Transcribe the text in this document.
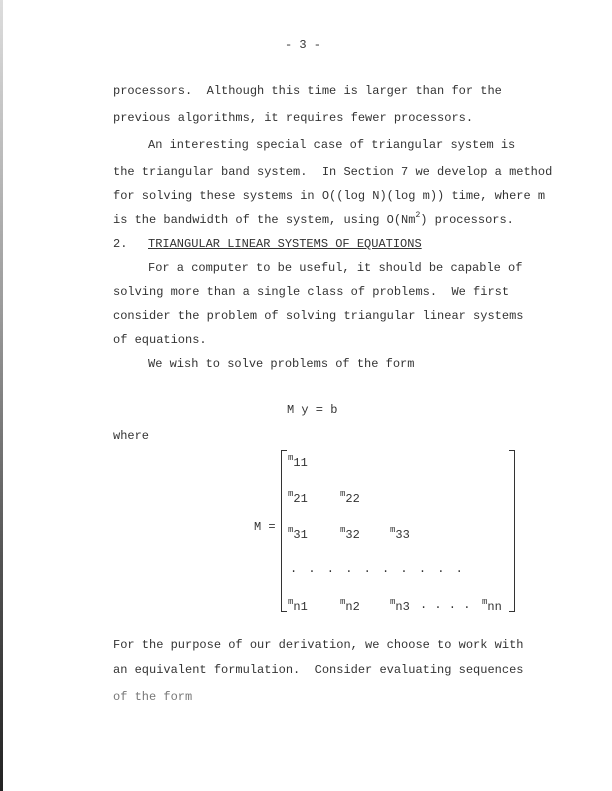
- 3 -
processors.  Although this time is larger than for the
previous algorithms, it requires fewer processors.
An interesting special case of triangular system is
the triangular band system.  In Section 7 we develop a method
for solving these systems in O((log N)(log m)) time, where m
is the bandwidth of the system, using O(Nm$^2$) processors.
2. TRIANGULAR LINEAR SYSTEMS OF EQUATIONS
For a computer to be useful, it should be capable of
solving more than a single class of problems.  We first
consider the problem of solving triangular linear systems
of equations.
We wish to solve problems of the form
M y = b
where
M =
m11
m21	m22
m31	m32	m33
. . . . . . . . . .
mn1	mn2	mn3 . . . . mnn
For the purpose of our derivation, we choose to work with
an equivalent formulation.  Consider evaluating sequences
of the form
